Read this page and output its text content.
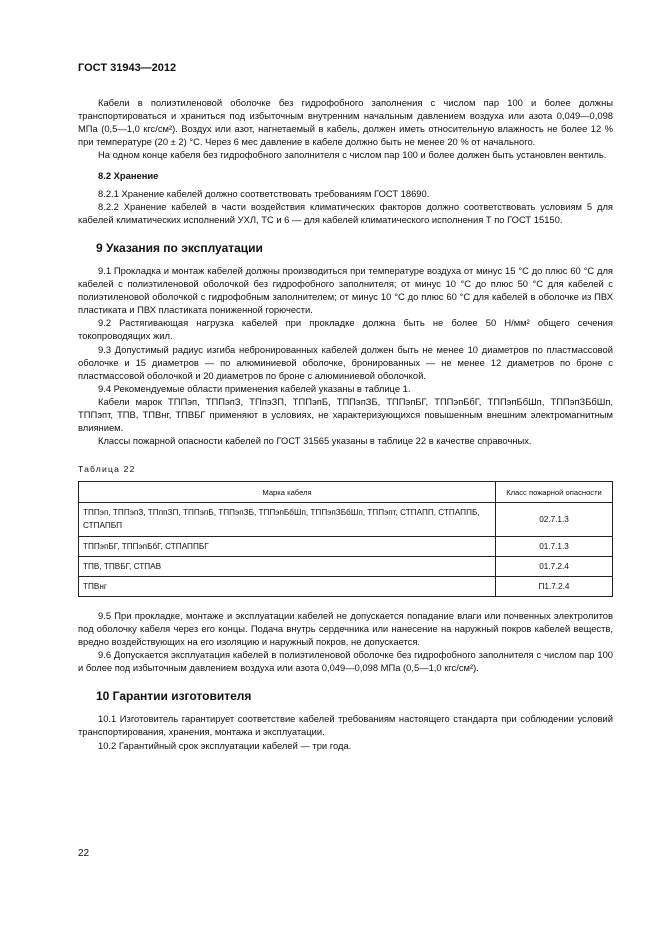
ГОСТ 31943—2012

Кабели в полиэтиленовой оболочке без гидрофобного заполнения с числом пар 100 и более должны транспортироваться и храниться под избыточным внутренним начальным давлением воздуха или азота 0,049—0,098 МПа (0,5—1,0 кгс/см²). Воздух или азот, нагнетаемый в кабель, должен иметь относительную влажность не более 12 % при температуре (20 ± 2) °С. Через 6 мес давление в кабеле должно быть не менее 20 % от начального.

На одном конце кабеля без гидрофобного заполнителя с числом пар 100 и более должен быть установлен вентиль.

8.2 Хранение

8.2.1 Хранение кабелей должно соответствовать требованиям ГОСТ 18690.

8.2.2 Хранение кабелей в части воздействия климатических факторов должно соответствовать условиям 5 для кабелей климатических исполнений УХЛ, ТС и 6 — для кабелей климатического исполнения Т по ГОСТ 15150.

9 Указания по эксплуатации

9.1 Прокладка и монтаж кабелей должны производиться при температуре воздуха от минус 15 °С до плюс 60 °С для кабелей с полиэтиленовой оболочкой без гидрофобного заполнителя; от минус 10 °С до плюс 50 °С для кабелей с полиэтиленовой оболочкой с гидрофобным заполнителем; от минус 10 °С до плюс 60 °С для кабелей в оболочке из ПВХ пластиката и ПВХ пластиката пониженной горючести.

9.2 Растягивающая нагрузка кабелей при прокладке должна быть не более 50 Н/мм² общего сечения токопроводящих жил.

9.3 Допустимый радиус изгиба небронированных кабелей должен быть не менее 10 диаметров по пластмассовой оболочке и 15 диаметров — по алюминиевой оболочке, бронированных — не менее 12 диаметров по броне с пластмассовой оболочкой и 20 диаметров по броне с алюминиевой оболочкой.

9.4 Рекомендуемые области применения кабелей указаны в таблице 1.

Кабели марок ТППэп, ТППэпЗ, ТПпэЗП, ТППэпБ, ТППэпЗБ, ТППэпБГ, ТППэпБбГ, ТППэпБбШп, ТППэпЗБбШп, ТППэпт, ТПВ, ТПВнг, ТПВБГ применяют в условиях, не характеризующихся повышенным внешним электромагнитным влиянием.

Классы пожарной опасности кабелей по ГОСТ 31565 указаны в таблице 22 в качестве справочных.

Таблица 22

Марка кабеля	Класс пожарной опасности
ТППэп, ТППэпЗ, ТПппЗП, ТППэпБ, ТППэпЗБ, ТППэпБбШп, ТППэпЗБбШп, ТППэпт, СТПАПП, СТПАППБ, СТПАПБП	02.7.1.3
ТППэпБГ, ТППэпБбГ, СТПАППБГ	01.7.1.3
ТПВ, ТПВБГ, СТПАВ	01.7.2.4
ТПВнг	П1.7.2.4

9.5 При прокладке, монтаже и эксплуатации кабелей не допускается попадание влаги или почвенных электролитов под оболочку кабеля через его концы. Подача внутрь сердечника или нанесение на наружный покров кабелей веществ, вредно воздействующих на его изоляцию и наружный покров, не допускается.

9.6 Допускается эксплуатация кабелей в полиэтиленовой оболочке без гидрофобного заполнителя с числом пар 100 и более под избыточным давлением воздуха или азота 0,049—0,098 МПа (0,5—1,0 кгс/см²).

10 Гарантии изготовителя

10.1 Изготовитель гарантирует соответствие кабелей требованиям настоящего стандарта при соблюдении условий транспортирования, хранения, монтажа и эксплуатации.

10.2 Гарантийный срок эксплуатации кабелей — три года.

22
